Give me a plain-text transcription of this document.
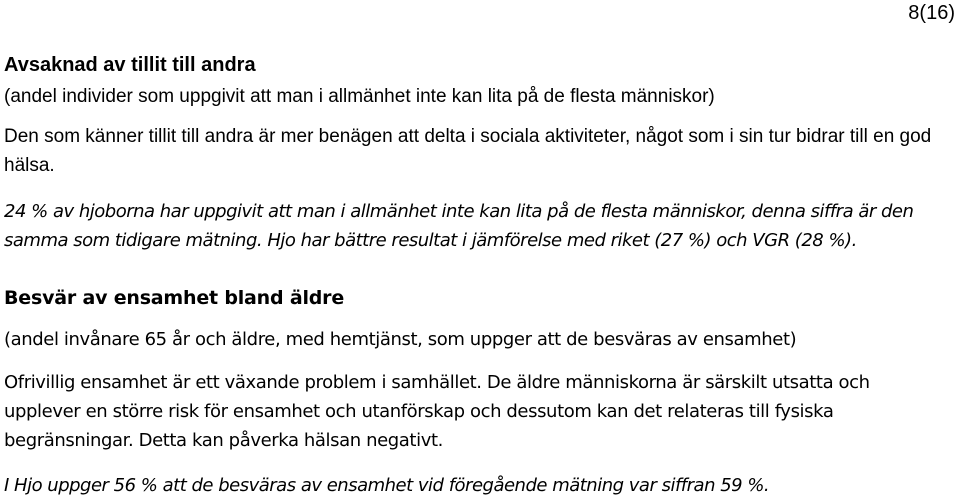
8(16)
Avsaknad av tillit till andra
(andel individer som uppgivit att man i allmänhet inte kan lita på de flesta människor)
Den som känner tillit till andra är mer benägen att delta i sociala aktiviteter, något som i sin tur bidrar till en god hälsa.
24 % av hjoborna har uppgivit att man i allmänhet inte kan lita på de flesta människor, denna siffra är den samma som tidigare mätning. Hjo har bättre resultat i jämförelse med riket (27 %) och VGR (28 %).
Besvär av ensamhet bland äldre
(andel invånare 65 år och äldre, med hemtjänst, som uppger att de besväras av ensamhet)
Ofrivillig ensamhet är ett växande problem i samhället. De äldre människorna är särskilt utsatta och upplever en större risk för ensamhet och utanförskap och dessutom kan det relateras till fysiska begränsningar. Detta kan påverka hälsan negativt.
I Hjo uppger 56 % att de besväras av ensamhet vid föregående mätning var siffran 59 %.
